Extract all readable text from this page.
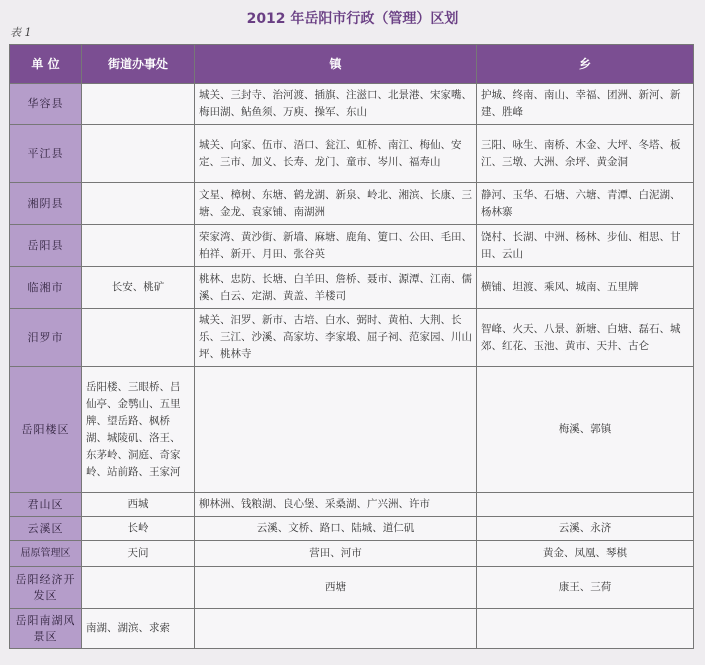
2012 年岳阳市行政（管理）区划
表 1
单 位	街道办事处	镇	乡
华容县		城关、三封寺、治河渡、插旗、注滋口、北景港、宋家嘴、梅田湖、鲇鱼须、万庾、操军、东山	护城、终南、南山、幸福、团洲、新河、新建、胜峰
平江县		城关、向家、伍市、浯口、瓮江、虹桥、南江、梅仙、安定、三市、加义、长寿、龙门、童市、岑川、福寿山	三阳、咏生、南桥、木金、大坪、冬塔、板江、三墩、大洲、余坪、黄金洞
湘阴县		文星、樟树、东塘、鹤龙湖、新泉、岭北、湘滨、长康、三塘、金龙、袁家铺、南湖洲	静河、玉华、石塘、六塘、青潭、白泥湖、杨林寨
岳阳县		荣家湾、黄沙街、新墙、麻塘、鹿角、筻口、公田、毛田、柏祥、新开、月田、张谷英	饶村、长湖、中洲、杨林、步仙、相思、甘田、云山
临湘市	长安、桃矿	桃林、忠防、长塘、白羊田、詹桥、聂市、源潭、江南、儒溪、白云、定湖、黄盖、羊楼司	横铺、坦渡、乘风、城南、五里牌
汨罗市		城关、汨罗、新市、古培、白水、弼时、黄柏、大荆、长乐、三江、沙溪、高家坊、李家塅、屈子祠、范家园、川山坪、桃林寺	智峰、火天、八景、新塘、白塘、磊石、城郊、红花、玉池、黄市、天井、古仑
岳阳楼区	岳阳楼、三眼桥、吕仙亭、金鹗山、五里牌、望岳路、枫桥湖、城陵矶、洛王、东茅岭、洞庭、奇家岭、站前路、王家河		梅溪、郭镇
君山区	西城	柳林洲、钱粮湖、良心堡、采桑湖、广兴洲、许市	
云溪区	长岭	云溪、文桥、路口、陆城、道仁矶	云溪、永济
屈原管理区	天问	营田、河市	黄金、凤凰、琴棋
岳阳经济开发区		西塘	康王、三荷
岳阳南湖风景区	南湖、湖滨、求索		
